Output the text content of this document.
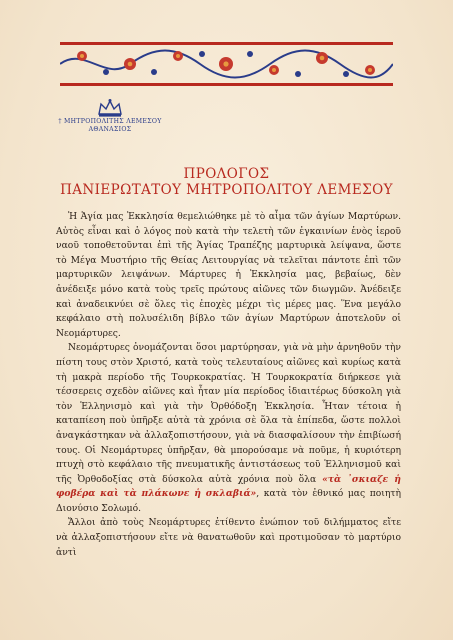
† ΜΗΤΡΟΠΟΛΙΤΗΣ ΛΕΜΕΣΟΥ
ΑΘΑΝΑΣΙΟΣ
ΠΡΟΛΟΓΟΣ
ΠΑΝΙΕΡΩΤΑΤΟΥ ΜΗΤΡΟΠΟΛΙΤΟΥ ΛΕΜΕΣΟΥ

Ἡ Ἁγία μας Ἐκκλησία θεμελιώθηκε μὲ τὸ αἷμα τῶν ἁγίων Μαρτύρων. Αὐτὸς εἶναι καὶ ὁ λόγος ποὺ κατὰ τὴν τελετὴ τῶν ἐγκαινίων ἑνὸς ἱεροῦ ναοῦ τοποθετοῦνται ἐπὶ τῆς Ἁγίας Τραπέζης μαρτυρικὰ λείψανα, ὥστε τὸ Μέγα Μυστήριο τῆς Θείας Λειτουργίας νὰ τελεῖται πάντοτε ἐπὶ τῶν μαρτυρικῶν λειψάνων. Μάρτυρες ἡ Ἐκκλησία μας, βεβαίως, δὲν ἀνέδειξε μόνο κατὰ τοὺς τρεῖς πρώτους αἰῶνες τῶν διωγμῶν. Ἀνέδειξε καὶ ἀναδεικνύει σὲ ὅλες τὶς ἐποχὲς μέχρι τὶς μέρες μας. Ἕνα μεγάλο κεφάλαιο στὴ πολυσέλιδη βίβλο τῶν ἁγίων Μαρτύρων ἀποτελοῦν οἱ Νεομάρτυρες.

Νεομάρτυρες ὀνομάζονται ὅσοι μαρτύρησαν, γιὰ νὰ μὴν ἀρνηθοῦν τὴν πίστη τους στὸν Χριστό, κατὰ τοὺς τελευταίους αἰῶνες καὶ κυρίως κατὰ τὴ μακρὰ περίοδο τῆς Τουρκοκρατίας. Ἡ Τουρκοκρατία διήρκεσε γιὰ τέσσερεις σχεδὸν αἰῶνες καὶ ἦταν μία περίοδος ἰδιαιτέρως δύσκολη γιὰ τὸν Ἑλληνισμὸ καὶ γιὰ τὴν Ὀρθόδοξη Ἐκκλησία. Ἦταν τέτοια ἡ καταπίεση ποὺ ὑπῆρξε αὐτὰ τὰ χρόνια σὲ ὅλα τὰ ἐπίπεδα, ὥστε πολλοὶ ἀναγκάστηκαν νὰ ἀλλαξοπιστήσουν, γιὰ νὰ διασφαλίσουν τὴν ἐπιβίωσή τους. Οἱ Νεομάρτυρες ὑπῆρξαν, θὰ μπορούσαμε νὰ ποῦμε, ἡ κυριότερη πτυχὴ στὸ κεφάλαιο τῆς πνευματικῆς ἀντιστάσεως τοῦ Ἑλληνισμοῦ καὶ τῆς Ὀρθοδοξίας στὰ δύσκολα αὐτὰ χρόνια ποὺ ὅλα «τὰ ᾽σκιαζε ἡ φοβέρα καὶ τὰ πλάκωνε ἡ σκλαβιά», κατὰ τὸν ἐθνικό μας ποιητὴ Διονύσιο Σολωμό.

Ἄλλοι ἀπὸ τοὺς Νεομάρτυρες ἐτίθεντο ἐνώπιον τοῦ διλήμματος εἴτε νὰ ἀλλαξοπιστήσουν εἴτε νὰ θανατωθοῦν καὶ προτιμοῦσαν τὸ μαρτύριο ἀντὶ
